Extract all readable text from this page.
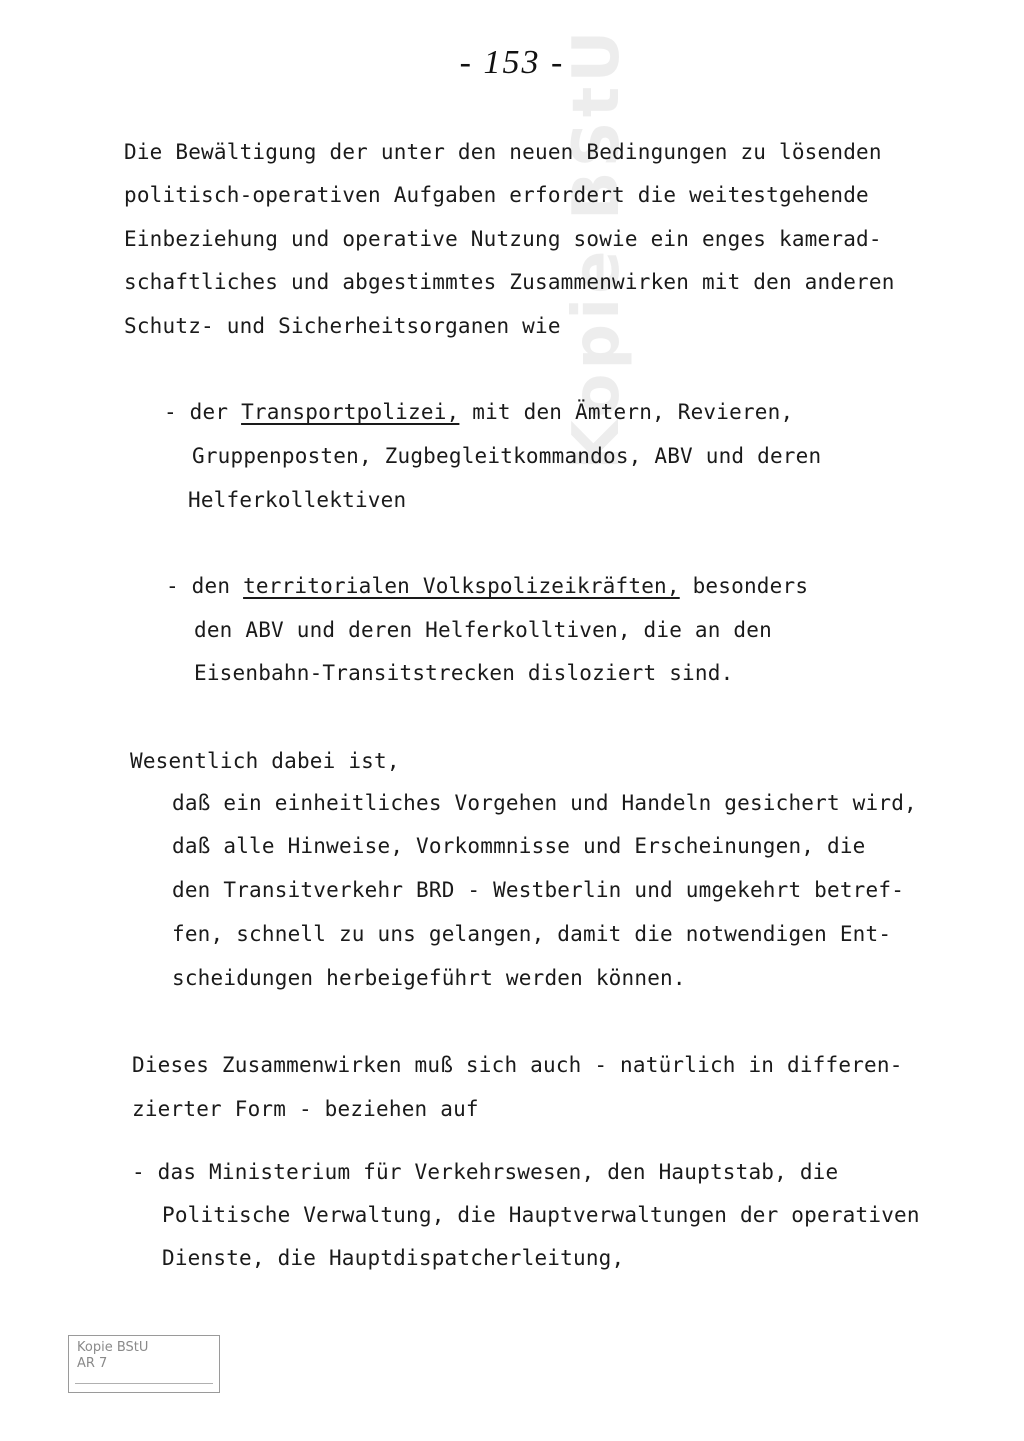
- 153 -
Kopie BStU
Die Bewältigung der unter den neuen Bedingungen zu lösenden
politisch-operativen Aufgaben erfordert die weitestgehende
Einbeziehung und operative Nutzung sowie ein enges kamerad-
schaftliches und abgestimmtes Zusammenwirken mit den anderen
Schutz- und Sicherheitsorganen wie
- der Transportpolizei, mit den Ämtern, Revieren,
Gruppenposten, Zugbegleitkommandos, ABV und deren
Helferkollektiven
- den territorialen Volkspolizeikräften, besonders
den ABV und deren Helferkolltiven, die an den
Eisenbahn-Transitstrecken disloziert sind.
Wesentlich dabei ist,
daß ein einheitliches Vorgehen und Handeln gesichert wird,
daß alle Hinweise, Vorkommnisse und Erscheinungen, die
den Transitverkehr BRD - Westberlin und umgekehrt betref-
fen, schnell zu uns gelangen, damit die notwendigen Ent-
scheidungen herbeigeführt werden können.
Dieses Zusammenwirken muß sich auch - natürlich in differen-
zierter Form - beziehen auf
- das Ministerium für Verkehrswesen, den Hauptstab, die
Politische Verwaltung, die Hauptverwaltungen der operativen
Dienste, die Hauptdispatcherleitung,
Kopie BStU
AR 7
